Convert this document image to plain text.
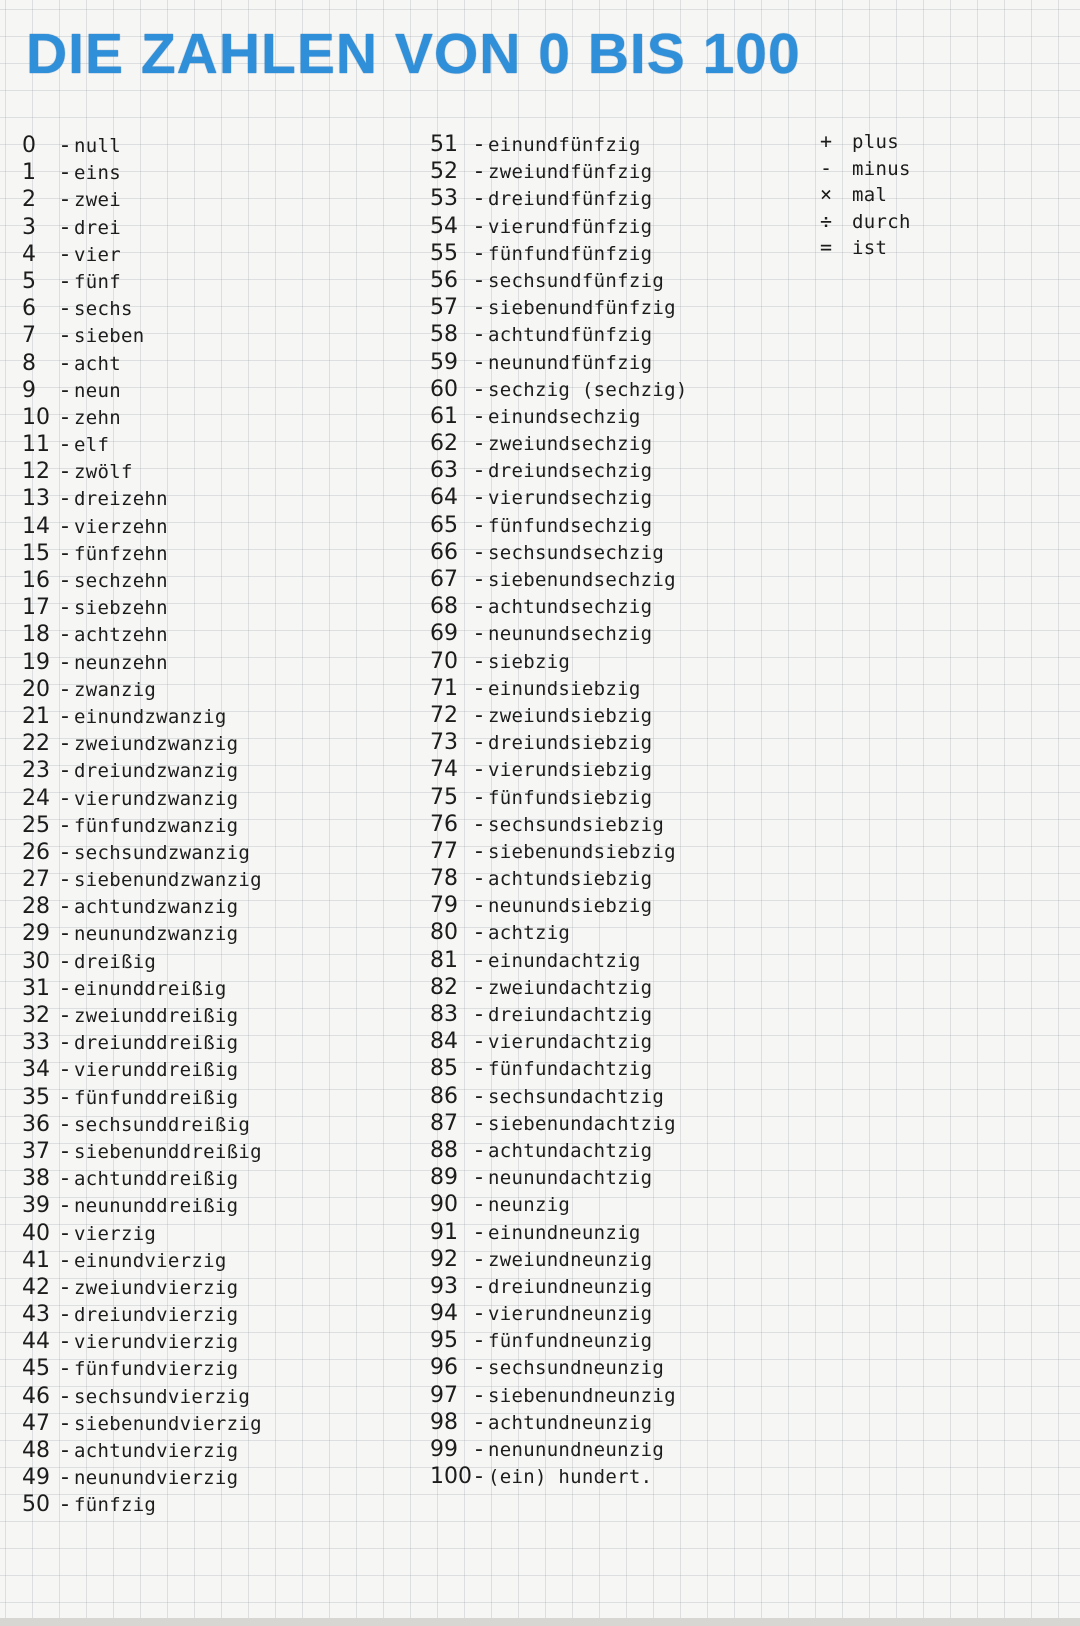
DIE ZAHLEN VON 0 BIS 100
0 - null
1 - eins
2 - zwei
3 - drei
4 - vier
5 - fünf
6 - sechs
7 - sieben
8 - acht
9 - neun
10 - zehn
11 - elf
12 - zwölf
13 - dreizehn
14 - vierzehn
15 - fünfzehn
16 - sechzehn
17 - siebzehn
18 - achtzehn
19 - neunzehn
20 - zwanzig
21 - einundzwanzig
22 - zweiundzwanzig
23 - dreiundzwanzig
24 - vierundzwanzig
25 - fünfundzwanzig
26 - sechsundzwanzig
27 - siebenundzwanzig
28 - achtundzwanzig
29 - neunundzwanzig
30 - dreißig
31 - einunddreißig
32 - zweiunddreißig
33 - dreiunddreißig
34 - vierunddreißig
35 - fünfunddreißig
36 - sechsunddreißig
37 - siebenunddreißig
38 - achtunddreißig
39 - neununddreißig
40 - vierzig
41 - einundvierzig
42 - zweiundvierzig
43 - dreiundvierzig
44 - vierundvierzig
45 - fünfundvierzig
46 - sechsundvierzig
47 - siebenundvierzig
48 - achtundvierzig
49 - neunundvierzig
50 - fünfzig
51 - einundfünfzig
52 - zweiundfünfzig
53 - dreiundfünfzig
54 - vierundfünfzig
55 - fünfundfünfzig
56 - sechsundfünfzig
57 - siebenundfünfzig
58 - achtundfünfzig
59 - neunundfünfzig
60 - sechzig (sechzig)
61 - einundsechzig
62 - zweiundsechzig
63 - dreiundsechzig
64 - vierundsechzig
65 - fünfundsechzig
66 - sechsundsechzig
67 - siebenundsechzig
68 - achtundsechzig
69 - neunundsechzig
70 - siebzig
71 - einundsiebzig
72 - zweiundsiebzig
73 - dreiundsiebzig
74 - vierundsiebzig
75 - fünfundsiebzig
76 - sechsundsiebzig
77 - siebenundsiebzig
78 - achtundsiebzig
79 - neunundsiebzig
80 - achtzig
81 - einundachtzig
82 - zweiundachtzig
83 - dreiundachtzig
84 - vierundachtzig
85 - fünfundachtzig
86 - sechsundachtzig
87 - siebenundachtzig
88 - achtundachtzig
89 - neunundachtzig
90 - neunzig
91 - einundneunzig
92 - zweiundneunzig
93 - dreiundneunzig
94 - vierundneunzig
95 - fünfundneunzig
96 - sechsundneunzig
97 - siebenundneunzig
98 - achtundneunzig
99 - nenunundneunzig
100 - (ein) hundert.
+ plus
- minus
× mal
÷ durch
= ist
